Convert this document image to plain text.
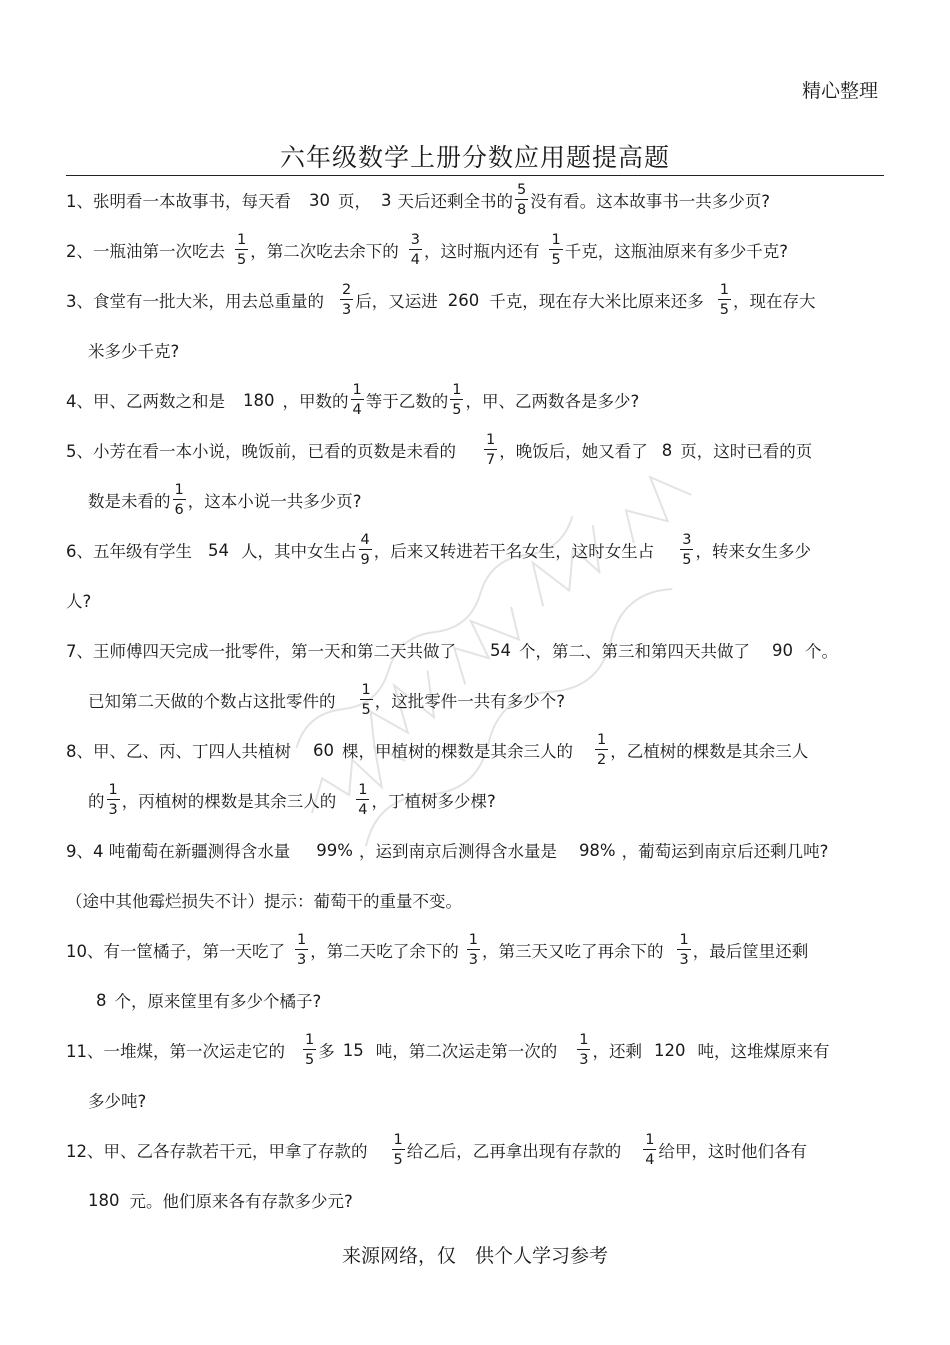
精心整理
六年级数学上册分数应用题提高题
1、张明看一本故事书，每天看 30 页， 3 天后还剩全书的 $\frac{5}{8}$ 没有看。这本故事书一共多少页?
2、一瓶油第一次吃去 $\frac{1}{5}$ ，第二次吃去余下的 $\frac{3}{4}$ ，这时瓶内还有 $\frac{1}{5}$ 千克，这瓶油原来有多少千克?
3、食堂有一批大米，用去总重量的 $\frac{2}{3}$ 后，又运进 260 千克，现在存大米比原来还多 $\frac{1}{5}$ ，现在存大
米多少千克?
4、甲、乙两数之和是 180 ，甲数的 $\frac{1}{4}$ 等于乙数的 $\frac{1}{5}$ ，甲、乙两数各是多少?
5、小芳在看一本小说，晚饭前，已看的页数是未看的 $\frac{1}{7}$ ，晚饭后，她又看了 8 页，这时已看的页
数是未看的 $\frac{1}{6}$ ，这本小说一共多少页?
6、五年级有学生 54 人，其中女生占 $\frac{4}{9}$ ，后来又转进若干名女生，这时女生占 $\frac{3}{5}$ ，转来女生多少
人?
7、王师傅四天完成一批零件，第一天和第二天共做了 54 个，第二、第三和第四天共做了 90 个。
已知第二天做的个数占这批零件的 $\frac{1}{5}$ ，这批零件一共有多少个?
8、甲、乙、丙、丁四人共植树 60 棵，甲植树的棵数是其余三人的 $\frac{1}{2}$ ，乙植树的棵数是其余三人
的 $\frac{1}{3}$ ，丙植树的棵数是其余三人的 $\frac{1}{4}$ ，丁植树多少棵?
9、4 吨葡萄在新疆测得含水量 99% ，运到南京后测得含水量是 98% ，葡萄运到南京后还剩几吨?
（途中其他霉烂损失不计）提示：葡萄干的重量不变。
10、有一筐橘子，第一天吃了 $\frac{1}{3}$ ，第二天吃了余下的 $\frac{1}{3}$ ，第三天又吃了再余下的 $\frac{1}{3}$ ，最后筐里还剩
8 个，原来筐里有多少个橘子?
11、一堆煤，第一次运走它的 $\frac{1}{5}$ 多 15 吨，第二次运走第一次的 $\frac{1}{3}$ ，还剩 120 吨，这堆煤原来有
多少吨?
12、甲、乙各存款若干元，甲拿了存款的 $\frac{1}{5}$ 给乙后，乙再拿出现有存款的 $\frac{1}{4}$ 给甲，这时他们各有
180 元。他们原来各有存款多少元?
来源网络，仅　供个人学习参考
